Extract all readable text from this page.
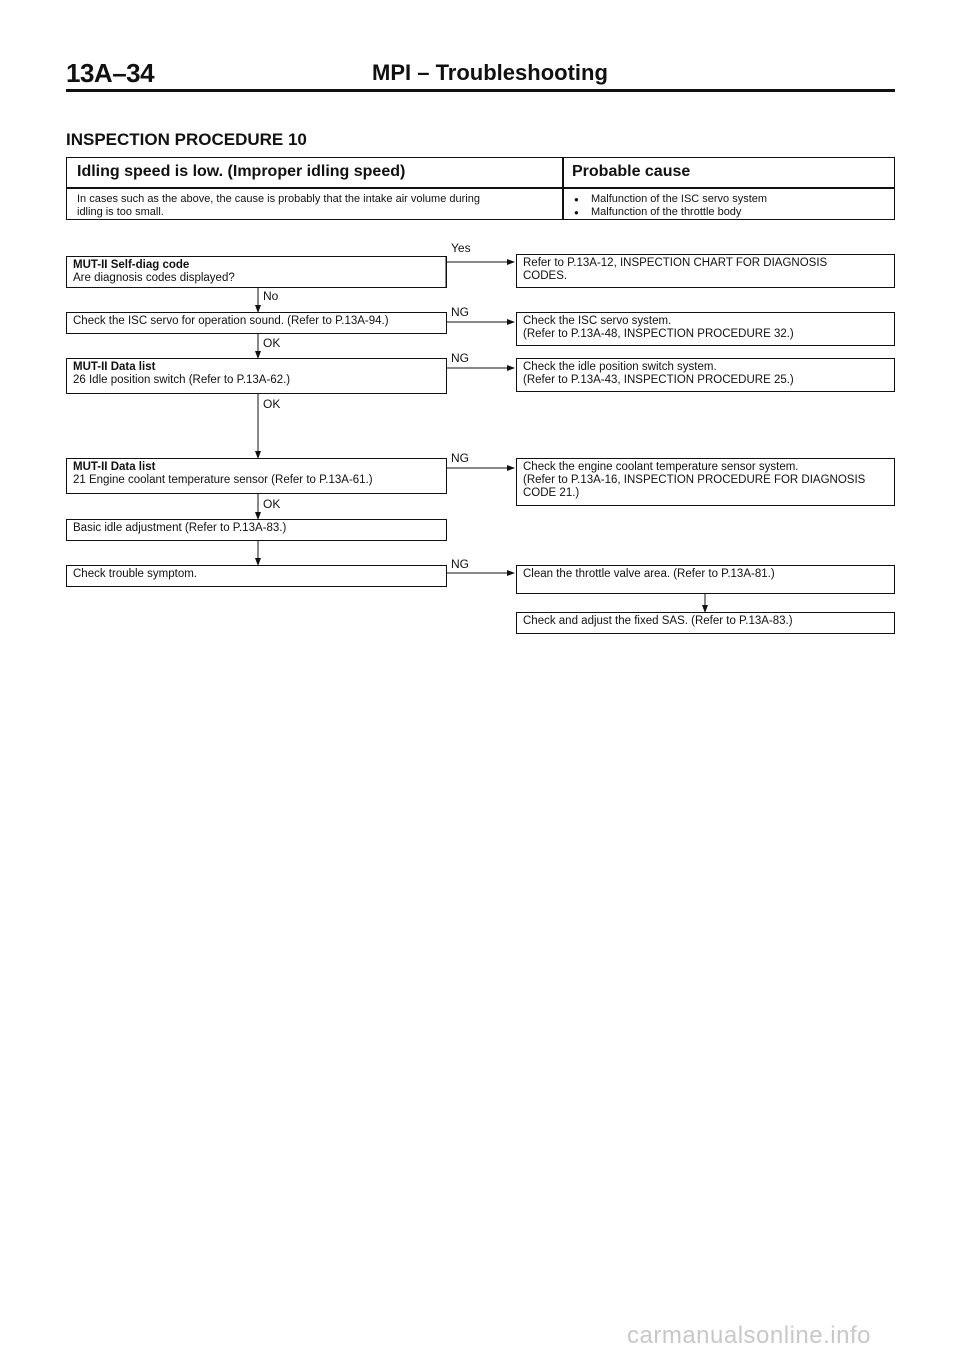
13A–34	MPI – Troubleshooting
INSPECTION PROCEDURE 10
Idling speed is low. (Improper idling speed)	Probable cause
In cases such as the above, the cause is probably that the intake air volume during
idling is too small.
● Malfunction of the ISC servo system
● Malfunction of the throttle body
MUT-II Self-diag code
Are diagnosis codes displayed?
Check the ISC servo for operation sound. (Refer to P.13A-94.)
MUT-II Data list
26 Idle position switch (Refer to P.13A-62.)
MUT-II Data list
21 Engine coolant temperature sensor (Refer to P.13A-61.)
Basic idle adjustment (Refer to P.13A-83.)
Check trouble symptom.
Refer to P.13A-12, INSPECTION CHART FOR DIAGNOSIS
CODES.
Check the ISC servo system.
(Refer to P.13A-48, INSPECTION PROCEDURE 32.)
Check the idle position switch system.
(Refer to P.13A-43, INSPECTION PROCEDURE 25.)
Check the engine coolant temperature sensor system.
(Refer to P.13A-16, INSPECTION PROCEDURE FOR DIAGNOSIS
CODE 21.)
Clean the throttle valve area. (Refer to P.13A-81.)
Check and adjust the fixed SAS. (Refer to P.13A-83.)
Yes
No
NG
OK
NG
OK
NG
OK
NG
carmanualsonline.info
